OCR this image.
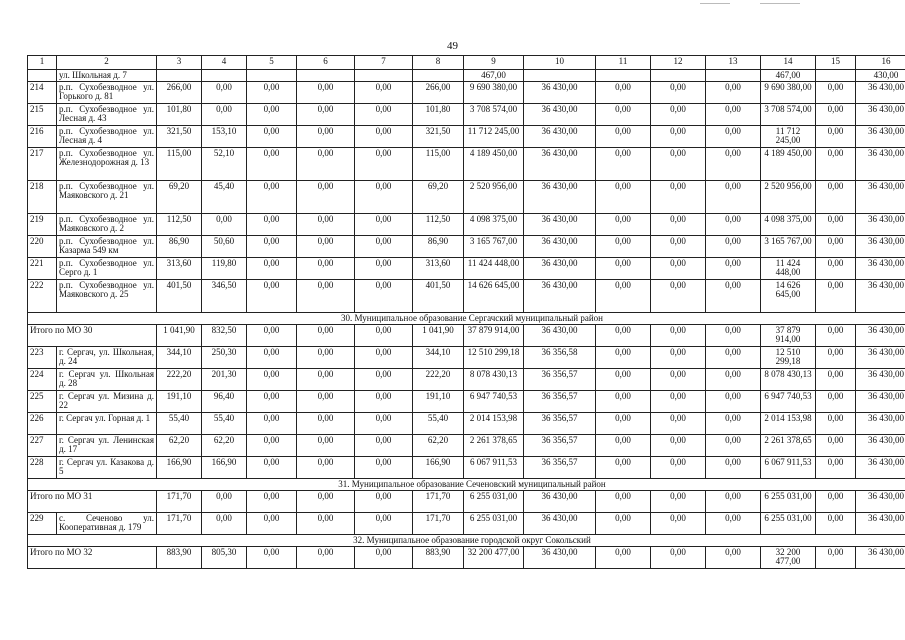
49
1	2	3	4	5	6	7	8	9	10	11	12	13	14	15	16
	ул. Школьная д. 7							467,00					467,00		430,00
214	р.п. Сухобезводное ул. Горького д. 81	266,00	0,00	0,00	0,00	0,00	266,00	9 690 380,00	36 430,00	0,00	0,00	0,00	9 690 380,00	0,00	36 430,00
215	р.п. Сухобезводное ул. Лесная д. 43	101,80	0,00	0,00	0,00	0,00	101,80	3 708 574,00	36 430,00	0,00	0,00	0,00	3 708 574,00	0,00	36 430,00
216	р.п. Сухобезводное ул. Лесная д. 4	321,50	153,10	0,00	0,00	0,00	321,50	11 712 245,00	36 430,00	0,00	0,00	0,00	11 712 245,00	0,00	36 430,00
217	р.п. Сухобезводное ул. Железнодорожная д. 13	115,00	52,10	0,00	0,00	0,00	115,00	4 189 450,00	36 430,00	0,00	0,00	0,00	4 189 450,00	0,00	36 430,00
218	р.п. Сухобезводное ул. Маяковского д. 21	69,20	45,40	0,00	0,00	0,00	69,20	2 520 956,00	36 430,00	0,00	0,00	0,00	2 520 956,00	0,00	36 430,00
219	р.п. Сухобезводное ул. Маяковского д. 2	112,50	0,00	0,00	0,00	0,00	112,50	4 098 375,00	36 430,00	0,00	0,00	0,00	4 098 375,00	0,00	36 430,00
220	р.п. Сухобезводное ул. Казарма 549 км	86,90	50,60	0,00	0,00	0,00	86,90	3 165 767,00	36 430,00	0,00	0,00	0,00	3 165 767,00	0,00	36 430,00
221	р.п. Сухобезводное ул. Серго д. 1	313,60	119,80	0,00	0,00	0,00	313,60	11 424 448,00	36 430,00	0,00	0,00	0,00	11 424 448,00	0,00	36 430,00
222	р.п. Сухобезводное ул. Маяковского д. 25	401,50	346,50	0,00	0,00	0,00	401,50	14 626 645,00	36 430,00	0,00	0,00	0,00	14 626 645,00	0,00	36 430,00
30. Муниципальное образование Сергачский муниципальный район															
Итого по МО 30		1 041,90	832,50	0,00	0,00	0,00	1 041,90	37 879 914,00	36 430,00	0,00	0,00	0,00	37 879 914,00	0,00	36 430,00
223	г. Сергач, ул. Школьная, д. 24	344,10	250,30	0,00	0,00	0,00	344,10	12 510 299,18	36 356,58	0,00	0,00	0,00	12 510 299,18	0,00	36 430,00
224	г. Сергач ул. Школьная д. 28	222,20	201,30	0,00	0,00	0,00	222,20	8 078 430,13	36 356,57	0,00	0,00	0,00	8 078 430,13	0,00	36 430,00
225	г. Сергач ул. Мизина д. 22	191,10	96,40	0,00	0,00	0,00	191,10	6 947 740,53	36 356,57	0,00	0,00	0,00	6 947 740,53	0,00	36 430,00
226	г. Сергач ул. Горная д. 1	55,40	55,40	0,00	0,00	0,00	55,40	2 014 153,98	36 356,57	0,00	0,00	0,00	2 014 153,98	0,00	36 430,00
227	г. Сергач ул. Ленинская д. 17	62,20	62,20	0,00	0,00	0,00	62,20	2 261 378,65	36 356,57	0,00	0,00	0,00	2 261 378,65	0,00	36 430,00
228	г. Сергач ул. Казакова д. 5	166,90	166,90	0,00	0,00	0,00	166,90	6 067 911,53	36 356,57	0,00	0,00	0,00	6 067 911,53	0,00	36 430,00
31. Муниципальное образование Сеченовский муниципальный район															
Итого по МО 31		171,70	0,00	0,00	0,00	0,00	171,70	6 255 031,00	36 430,00	0,00	0,00	0,00	6 255 031,00	0,00	36 430,00
229	с. Сеченово ул. Кооперативная д. 179	171,70	0,00	0,00	0,00	0,00	171,70	6 255 031,00	36 430,00	0,00	0,00	0,00	6 255 031,00	0,00	36 430,00
32. Муниципальное образование городской округ Сокольский															
Итого по МО 32		883,90	805,30	0,00	0,00	0,00	883,90	32 200 477,00	36 430,00	0,00	0,00	0,00	32 200 477,00	0,00	36 430,00
